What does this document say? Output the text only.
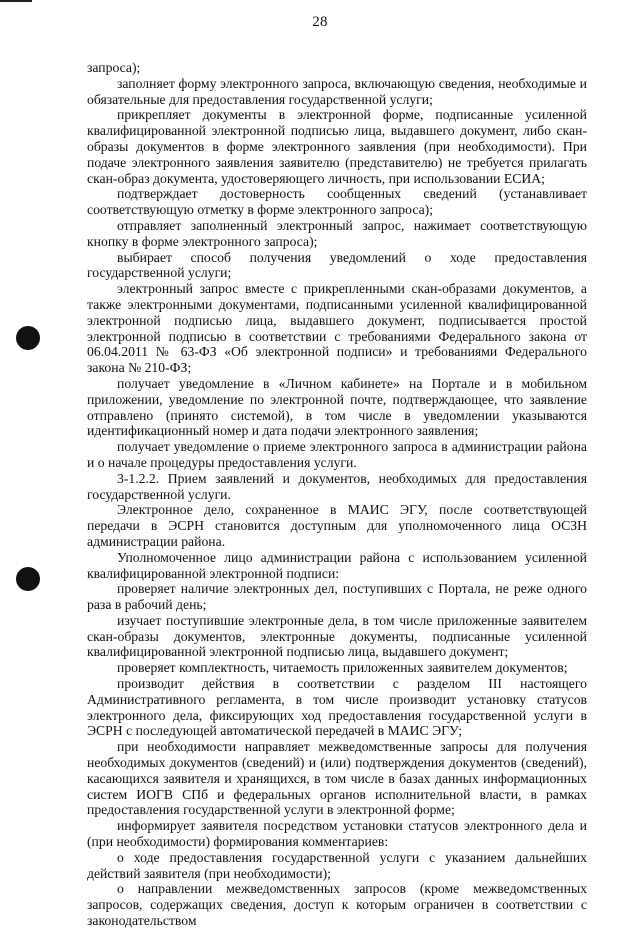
28

запроса);

заполняет форму электронного запроса, включающую сведения, необходимые и обязательные для предоставления государственной услуги;

прикрепляет документы в электронной форме, подписанные усиленной квалифицированной электронной подписью лица, выдавшего документ, либо скан-образы документов в форме электронного заявления (при необходимости). При подаче электронного заявления заявителю (представителю) не требуется прилагать скан-образ документа, удостоверяющего личность, при использовании ЕСИА;

подтверждает достоверность сообщенных сведений (устанавливает соответствующую отметку в форме электронного запроса);

отправляет заполненный электронный запрос, нажимает соответствующую кнопку в форме электронного запроса);

выбирает способ получения уведомлений о ходе предоставления государственной услуги;

электронный запрос вместе с прикрепленными скан-образами документов, а также электронными документами, подписанными усиленной квалифицированной электронной подписью лица, выдавшего документ, подписывается простой электронной подписью в соответствии с требованиями Федерального закона от 06.04.2011 № 63-ФЗ «Об электронной подписи» и требованиями Федерального закона № 210-ФЗ;

получает уведомление в «Личном кабинете» на Портале и в мобильном приложении, уведомление по электронной почте, подтверждающее, что заявление отправлено (принято системой), в том числе в уведомлении указываются идентификационный номер и дата подачи электронного заявления;

получает уведомление о приеме электронного запроса в администрации района и о начале процедуры предоставления услуги.

3-1.2.2. Прием заявлений и документов, необходимых для предоставления государственной услуги.

Электронное дело, сохраненное в МАИС ЭГУ, после соответствующей передачи в ЭСРН становится доступным для уполномоченного лица ОСЗН администрации района.

Уполномоченное лицо администрации района с использованием усиленной квалифицированной электронной подписи:

проверяет наличие электронных дел, поступивших с Портала, не реже одного раза в рабочий день;

изучает поступившие электронные дела, в том числе приложенные заявителем скан-образы документов, электронные документы, подписанные усиленной квалифицированной электронной подписью лица, выдавшего документ;

проверяет комплектность, читаемость приложенных заявителем документов;

производит действия в соответствии с разделом III настоящего Административного регламента, в том числе производит установку статусов электронного дела, фиксирующих ход предоставления государственной услуги в ЭСРН с последующей автоматической передачей в МАИС ЭГУ;

при необходимости направляет межведомственные запросы для получения необходимых документов (сведений) и (или) подтверждения документов (сведений), касающихся заявителя и хранящихся, в том числе в базах данных информационных систем ИОГВ СПб и федеральных органов исполнительной власти, в рамках предоставления государственной услуги в электронной форме;

информирует заявителя посредством установки статусов электронного дела и (при необходимости) формирования комментариев:

о ходе предоставления государственной услуги с указанием дальнейших действий заявителя (при необходимости);

о направлении межведомственных запросов (кроме межведомственных запросов, содержащих сведения, доступ к которым ограничен в соответствии с законодательством
